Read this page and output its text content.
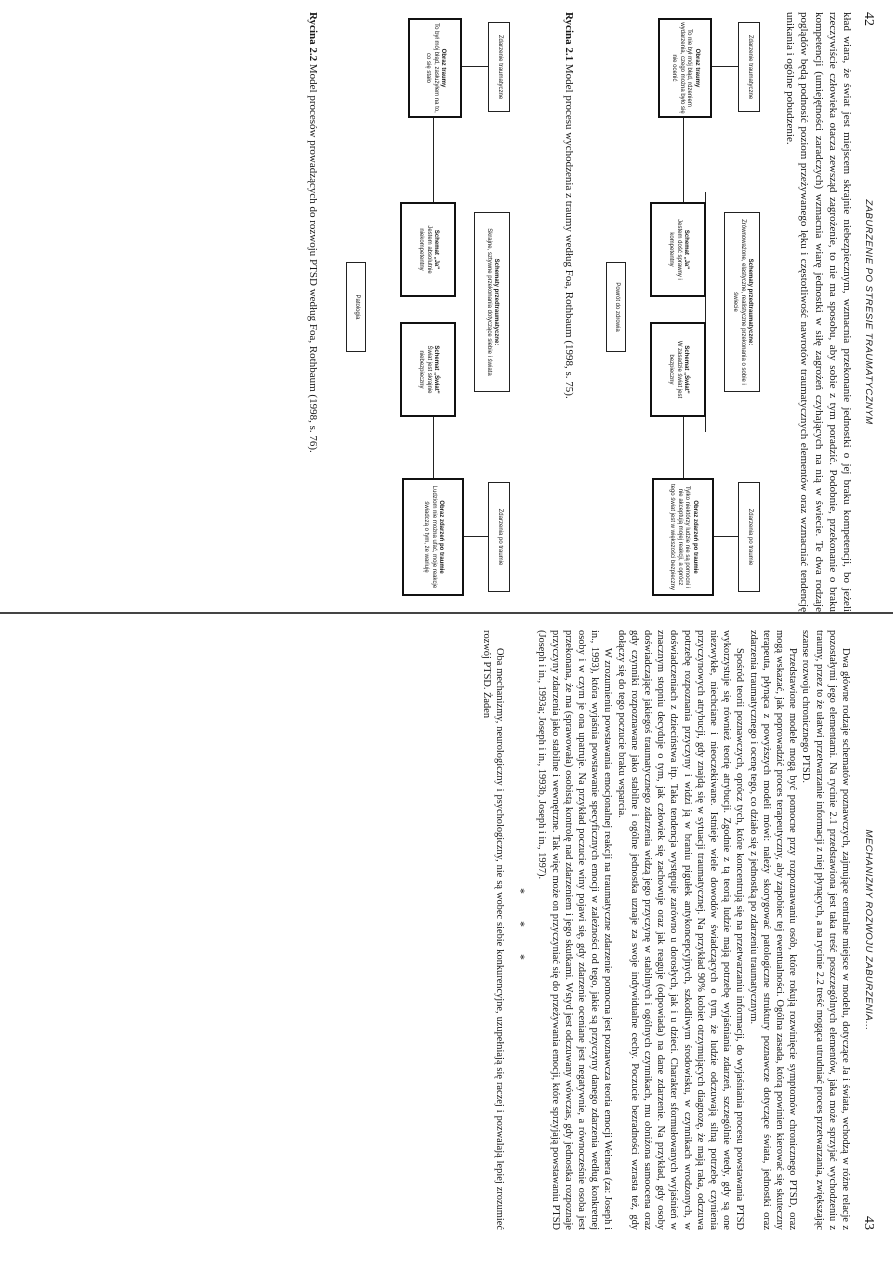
42
ZABURZENIE PO STRESIE TRAUMATYCZNYM

kład wiara, że świat jest miejscem skrajnie niebezpiecznym, wzmacnia przekonanie jednostki o jej braku kompetencji, bo jeżeli rzeczywiście człowieka otacza zewsząd zagrożenie, to nie ma sposobu, aby sobie z tym poradzić. Podobnie, przekonanie o braku kompetencji (umiejętności zaradczych) wzmacnia wiarę jednostki w siłę zagrożeń czyhających na nią w świecie. Te dwa rodzaje poglądów będą podnosić poziom przeżywanego lęku i częstotliwość nawrotów traumatycznych elementów oraz wzmacniać tendencję unikania i ogólne pobudzenie.

Zdarzenie traumatyczne
Obraz traumy
To nie był mój błąd, rdzeniem wydarzenia, czego można było się nie ocenić
Schematy przedtraumatyczne:
Zrównoważone, elastyczne, realistyczne przekonania o sobie i świecie
Schemat „Ja"
Jestem dość sprawny i kompetentny
Schemat „Świat"
W zasadzie świat jest bezpieczny
Powrót do zdrowia
Zdarzenia po traumie
Obraz zdarzeń po traumie
Tylko niektórzy ludzie nie są pomocni i nie akceptują mojej reakcji, a oprócz tego świat jest w większości bezpieczny
Rycina 2.1 Model procesu wychodzenia z traumy według Foa, Rothbaum (1998, s. 75).
Zdarzenie traumatyczne
Obraz traumy
To był mój błąd, zasłużyłem na to, co się stało
Schematy przedtraumatyczne:
Skrajne, sztywne przekonania dotyczące siebie i świata
Schemat „Ja"
Jestem absolutnie niekompetentny
Schemat „Świat"
Świat jest skrajnie niebezpieczny
Patologia
Zdarzenia po traumie
Obraz zdarzeń po traumie
Ludziom nie można ufać, moje reakcje świadczą o tym, że wariuję
Rycina 2.2 Model procesów prowadzących do rozwoju PTSD według Foa, Rothbaum (1998, s. 76).
43
MECHANIZMY ROZWOJU ZABURZENIA...

Dwa główne rodzaje schematów poznawczych, zajmujące centralne miejsce w modelu, dotyczące Ja i świata, wchodzą w różne relacje z pozostałymi jego elementami. Na rycinie 2.1 przedstawiona jest taka treść poszczególnych elementów, jaka może sprzyjać wychodzeniu z traumy, przez to że ułatwi przetwarzanie informacji z niej płynących, a na rycinie 2.2 treść mogąca utrudniać proces przetwarzania, zwiększając szanse rozwoju chronicznego PTSD.

Przedstawione modele mogą być pomocne przy rozpoznawaniu osób, które rokują rozwinięcie symptomów chronicznego PTSD, oraz mogą wskazać, jak poprowadzić proces terapeutyczny, aby zapobiec tej ewentualności. Ogólna zasada, którą powinien kierować się skuteczny terapeuta, płynąca z powyższych modeli mówi: należy skorygować patologiczne struktury poznawcze dotyczące świata, jednostki oraz zdarzenia traumatycznego i ocenę tego, co działo się z jednostką po zdarzeniu traumatycznym.

Spośród teorii poznawczych, oprócz tych, które koncentrują się na przetwarzaniu informacji, do wyjaśniania procesu powstawania PTSD wykorzystuje się również teorię atrybucji. Zgodnie z tą teorią ludzie mają potrzebę wyjaśniania zdarzeń, szczególnie wtedy, gdy są one niezwykłe, niechciane i nieoczekiwane. Istnieje wiele dowodów świadczących o tym, że ludzie odczuwają silną potrzebę czynienia przyczynowych atrybucji, gdy znajdą się w sytuacji traumatycznej. Na przykład 90% kobiet otrzymujących diagnozę, że mają raka, odczuwa potrzebę rozpoznania przyczyny i widzi ją w braniu pigułek antykoncepcyjnych, szkodliwym środowisku, w czynnikach wrodzonych, w doświadczeniach z dzieciństwa itp. Taka tendencja występuje zarówno u dorosłych, jak i u dzieci. Charakter sformułowanych wyjaśnień w znacznym stopniu decyduje o tym, jak człowiek się zachowuje oraz jak reaguje (odpowiada) na dane zdarzenie. Na przykład, gdy osoby doświadczające jakiegoś traumatycznego zdarzenia widzą jego przyczynę w stabilnych i ogólnych czynnikach, mu obniżona samoocena oraz gdy czynniki rozpoznawane jako stabilne i ogólne jednostka uznaje za swoje indywidualne cechy. Poczucie bezradności wzrasta też, gdy dołączy się do tego poczucie braku wsparcia.

W zrozumieniu powstawania emocjonalnej reakcji na traumatyczne zdarzenie pomocna jest poznawcza teoria emocji Weinera (za: Joseph i in., 1993), która wyjaśnia powstawanie specyficznych emocji w zależności od tego, jakie są przyczyny danego zdarzenia według konkretnej osoby i w czym je ona upatruje. Na przykład poczucie winy pojawi się, gdy zdarzenie oceniane jest negatywnie, a równocześnie osoba jest przekonana, że ma (sprawowała) osobistą kontrolę nad zdarzeniem i jego skutkami. Wstyd jest odczuwany wówczas, gdy jednostka rozpoznaje przyczyny zdarzenia jako stabilne i wewnętrzne. Tak więc może on przyczyniać się do przeżywania emocji, które sprzyjają powstawaniu PTSD (Joseph i in., 1993a; Joseph i in., 1993b, Joseph i in., 1997).

* * *

Oba mechanizmy, neurologiczny i psychologiczny, nie są wobec siebie konkurencyjne, uzupełniają się raczej i pozwalają lepiej zrozumieć rozwój PTSD. Żaden
